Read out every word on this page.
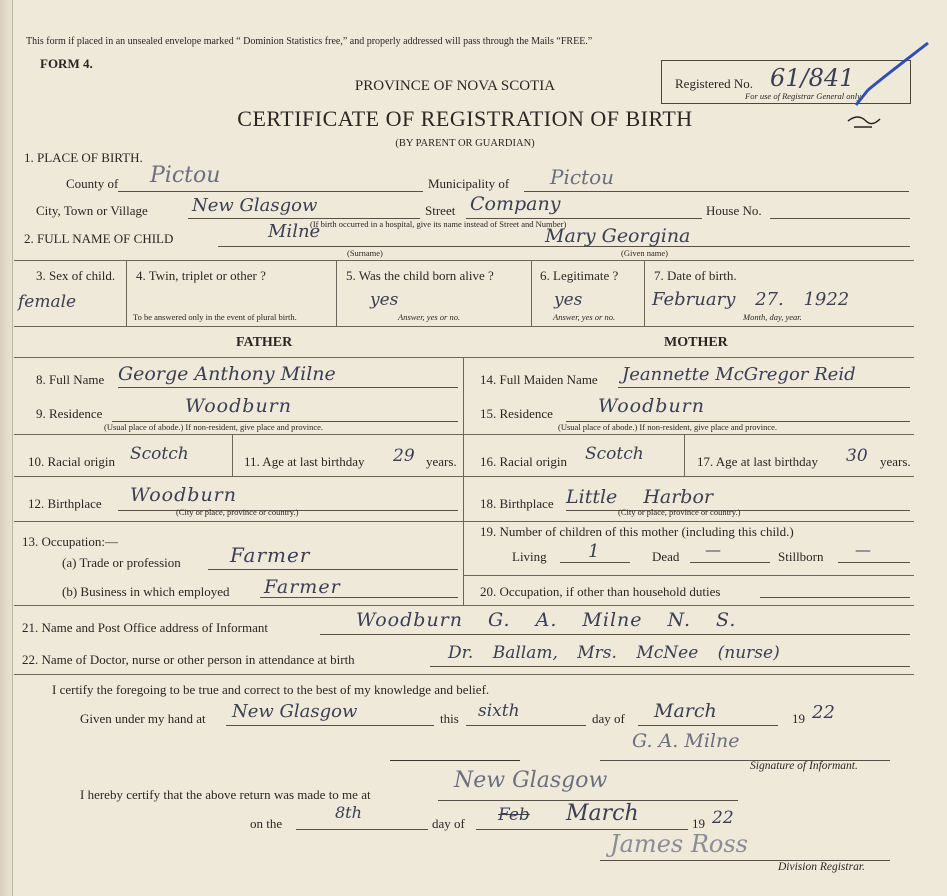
This form if placed in an unsealed envelope marked “ Dominion Statistics free,” and properly addressed will pass through the Mails “FREE.”
FORM 4.
Registered No. 61/841
For use of Registrar General only.
PROVINCE OF NOVA SCOTIA
CERTIFICATE OF REGISTRATION OF BIRTH
(BY PARENT OR GUARDIAN)
1. PLACE OF BIRTH.
County of Pictou	Municipality of Pictou
City, Town or Village New Glasgow	Street Company
(If birth occurred in a hospital, give its name instead of Street and Number)
House No.
2. FULL NAME OF CHILD	Milne	Mary Georgina
(Surname)	(Given name)
3. Sex of child.
female
4. Twin, triplet or other ?
To be answered only in the event of plural birth.
5. Was the child born alive ?
yes
Answer, yes or no.
6. Legitimate ?
yes
Answer, yes or no.
7. Date of birth.
February 27. 1922
Month, day, year.
FATHER	MOTHER
8. Full Name George Anthony Milne
9. Residence	Woodburn
(Usual place of abode.) If non-resident, give place and province.
10. Racial origin Scotch	11. Age at last birthday 29 years.
12. Birthplace Woodburn
(City or place, province or country.)
13. Occupation:—
(a) Trade or profession Farmer
(b) Business in which employed Farmer
14. Full Maiden Name Jeannette McGregor Reid
15. Residence Woodburn
(Usual place of abode.) If non-resident, give place and province.
16. Racial origin Scotch	17. Age at last birthday 30 years.
18. Birthplace Little Harbor
(City or place, province or country.)
19. Number of children of this mother (including this child.)
Living 1	Dead —	Stillborn —
20. Occupation, if other than household duties
21. Name and Post Office address of Informant	Woodburn G. A. Milne N. S.
22. Name of Doctor, nurse or other person in attendance at birth	Dr. Ballam, Mrs. McNee (nurse)
I certify the foregoing to be true and correct to the best of my knowledge and belief.
Given under my hand at New Glasgow	this sixth	day of March	19 22
G. A. Milne
Signature of Informant.
I hereby certify that the above return was made to me at
New Glasgow
on the
8th
day of Feb March	19 22
James Ross
Division Registrar.
